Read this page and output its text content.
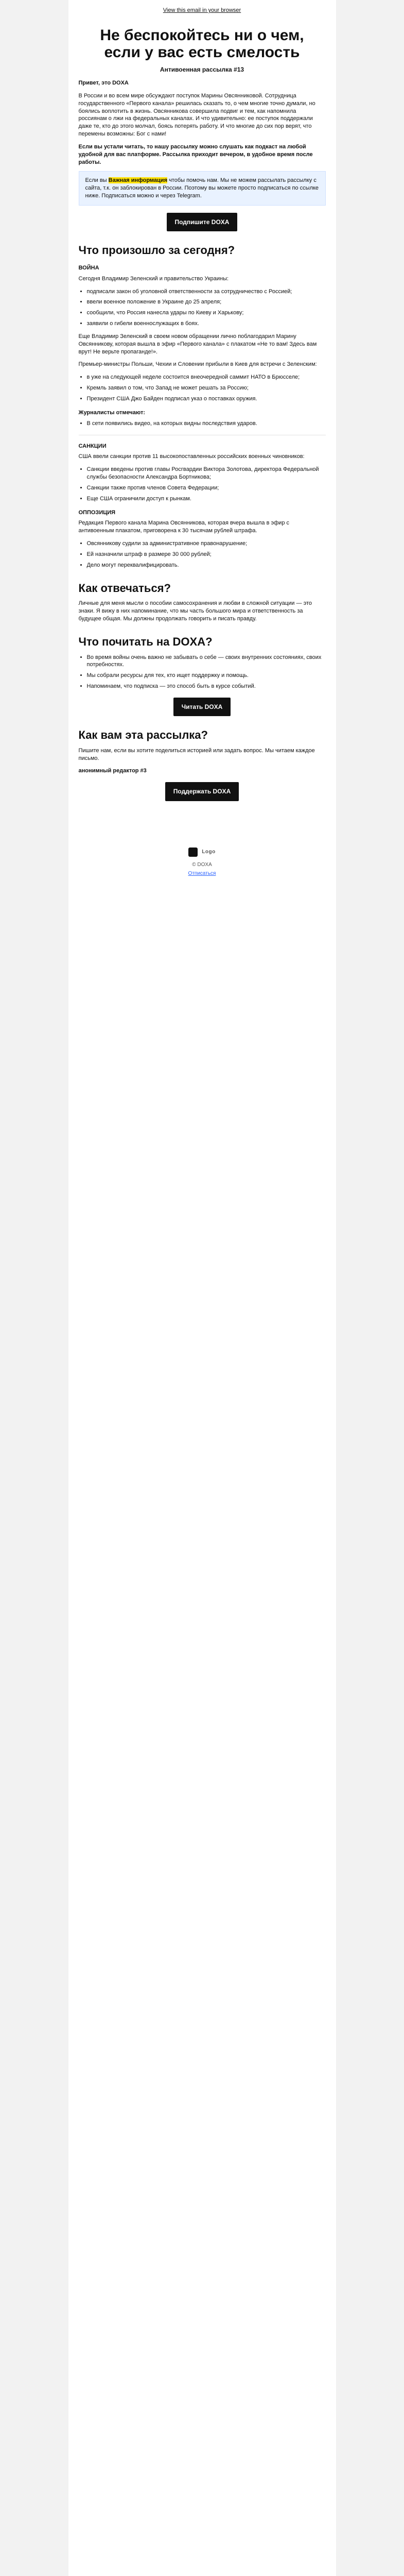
View this email in your browser
Не беспокойтесь ни о чем, если у вас есть смелость
Антивоенная рассылка #13

Привет, это DOXA

В России и во всем мире обсуждают поступок Марины Овсянниковой. Сотрудница государственного «Первого канала» решилась сказать то, о чем многие точно думали, но боялись воплотить в жизнь. Овсянникова совершила подвиг и тем, как напомнила россиянам о лжи на федеральных каналах. И что удивительно: ее поступок поддержали даже те, кто до этого молчал, боясь потерять работу. И что многие до сих пор верят, что перемены возможны: Бог с нами!

Если вы устали читать, то нашу рассылку можно слушать как подкаст на любой удобной для вас платформе. Рассылка приходит вечером, в удобное время после работы.

Если вы Важная информация чтобы помочь нам. Мы не можем рассылать рассылку с сайта, т.к. он заблокирован в России. Поэтому вы можете просто подписаться по ссылке ниже. Подписаться можно и через Telegram.
Подпишите DOXA
Что произошло за сегодня?
ВОЙНА

Сегодня Владимир Зеленский и правительство Украины:

• подписали закон об уголовной ответственности за сотрудничество с Россией;
• ввели военное положение в Украине до 25 апреля;
• сообщили, что Россия нанесла удары по Киеву и Харькову;
• заявили о гибели военнослужащих в боях.

Еще Владимир Зеленский в своем новом обращении лично поблагодарил Марину Овсянникову, которая вышла в эфир «Первого канала» с плакатом «Не то вам! Здесь вам врут! Не верьте пропаганде!».

Премьер-министры Польши, Чехии и Словении прибыли в Киев для встречи с Зеленским:

• в уже на следующей неделе состоится внеочередной саммит НАТО в Брюсселе;
• Кремль заявил о том, что Запад не может решать за Россию;
• Президент США Джо Байден подписал указ о поставках оружия.
Журналисты отмечают:
• В сети появились видео, на которых видны последствия ударов.
САНКЦИИ

США ввели санкции против 11 высокопоставленных российских военных чиновников:

• Санкции введены против главы Росгвардии Виктора Золотова, директора Федеральной службы безопасности Александра Бортникова;
• Санкции также против членов Совета Федерации;
• Еще США ограничили доступ к рынкам.
ОППОЗИЦИЯ

Редакция Первого канала Марина Овсянникова, которая вчера вышла в эфир с антивоенным плакатом, приговорена к 30 тысячам рублей штрафа.

• Овсянникову судили за административное правонарушение;
• Ей назначили штраф в размере 30 000 рублей;
• Дело могут переквалифицировать.
Как отвечаться?

Личные для меня мысли о пособии самосохранения и любви в сложной ситуации — это знаки. Я вижу в них напоминание, что мы часть большого мира и ответственность за будущее общая. Мы должны продолжать говорить и писать правду.

Что почитать на DOXA?
• Во время войны очень важно не забывать о себе — своих внутренних состояниях, своих потребностях.
• Мы собрали ресурсы для тех, кто ищет поддержку и помощь.
• Напоминаем, что подписка — это способ быть в курсе событий.
Читать DOXA
Как вам эта рассылка?

Пишите нам, если вы хотите поделиться историей или задать вопрос. Мы читаем каждое письмо.

анонимный редактор #3

Поддержать DOXA
Logo
© DOXA
Отписаться
